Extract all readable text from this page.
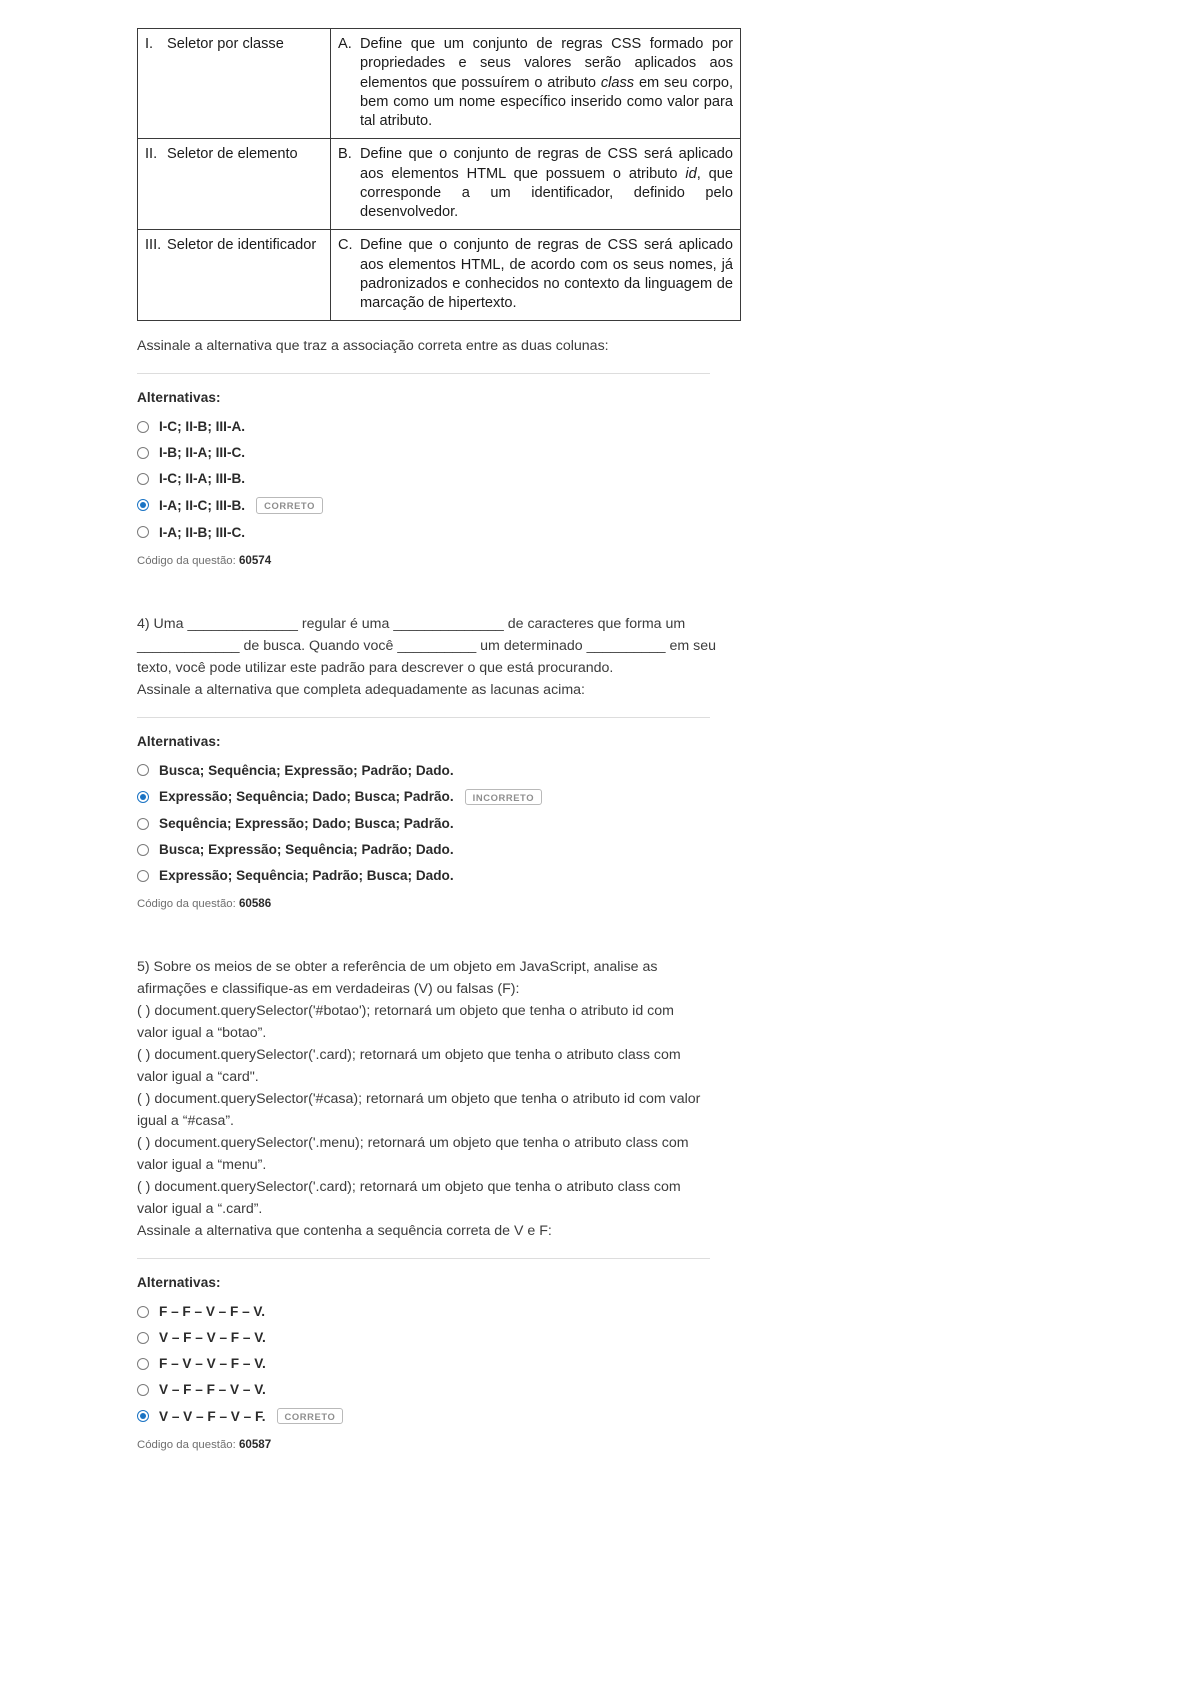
I. Seletor por classe	A. Define que um conjunto de regras CSS formado por propriedades e seus valores serão aplicados aos elementos que possuírem o atributo class em seu corpo, bem como um nome específico inserido como valor para tal atributo.

II. Seletor de elemento	B. Define que o conjunto de regras de CSS será aplicado aos elementos HTML que possuem o atributo id, que corresponde a um identificador, definido pelo desenvolvedor.

III. Seletor de identificador	C. Define que o conjunto de regras de CSS será aplicado aos elementos HTML, de acordo com os seus nomes, já padronizados e conhecidos no contexto da linguagem de marcação de hipertexto.

Assinale a alternativa que traz a associação correta entre as duas colunas:

Alternativas:
I-C; II-B; III-A.
I-B; II-A; III-C.
I-C; II-A; III-B.
I-A; II-C; III-B.	CORRETO
I-A; II-B; III-C.
Código da questão: 60574

4) Uma ______________ regular é uma ______________ de caracteres que forma um

_____________ de busca. Quando você __________ um determinado __________ em seu

texto, você pode utilizar este padrão para descrever o que está procurando.

Assinale a alternativa que completa adequadamente as lacunas acima:

Alternativas:
Busca; Sequência; Expressão; Padrão; Dado.
Expressão; Sequência; Dado; Busca; Padrão.	INCORRETO
Sequência; Expressão; Dado; Busca; Padrão.
Busca; Expressão; Sequência; Padrão; Dado.
Expressão; Sequência; Padrão; Busca; Dado.
Código da questão: 60586

5) Sobre os meios de se obter a referência de um objeto em JavaScript, analise as

afirmações e classifique-as em verdadeiras (V) ou falsas (F):

( ) document.querySelector('#botao'); retornará um objeto que tenha o atributo id com

valor igual a “botao”.

( ) document.querySelector('.card); retornará um objeto que tenha o atributo class com

valor igual a “card".

( ) document.querySelector('#casa); retornará um objeto que tenha o atributo id com valor

igual a “#casa”.

( ) document.querySelector('.menu); retornará um objeto que tenha o atributo class com

valor igual a “menu”.

( ) document.querySelector('.card); retornará um objeto que tenha o atributo class com

valor igual a “.card”.

Assinale a alternativa que contenha a sequência correta de V e F:

Alternativas:
F – F – V – F – V.
V – F – V – F – V.
F – V – V – F – V.
V – F – F – V – V.
V – V – F – V – F.	CORRETO
Código da questão: 60587
